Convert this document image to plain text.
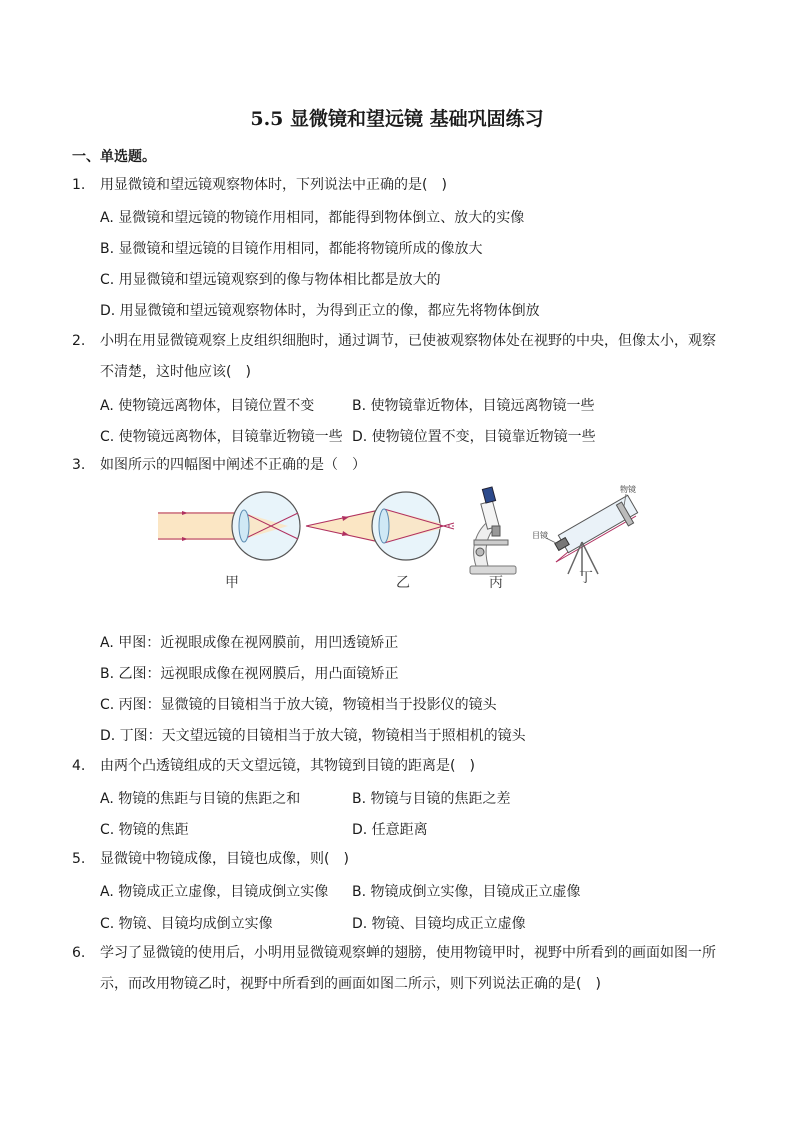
5.5 显微镜和望远镜 基础巩固练习
一、单选题。
1.	用显微镜和望远镜观察物体时，下列说法中正确的是(　)
A. 显微镜和望远镜的物镜作用相同，都能得到物体倒立、放大的实像
B. 显微镜和望远镜的目镜作用相同，都能将物镜所成的像放大
C. 用显微镜和望远镜观察到的像与物体相比都是放大的
D. 用显微镜和望远镜观察物体时，为得到正立的像，都应先将物体倒放
2.	小明在用显微镜观察上皮组织细胞时，通过调节，已使被观察物体处在视野的中央，但像太小，观察不清楚，这时他应该(　)
A. 使物镜远离物体，目镜位置不变	B. 使物镜靠近物体，目镜远离物镜一些
C. 使物镜远离物体，目镜靠近物镜一些 D. 使物镜位置不变，目镜靠近物镜一些
3.	如图所示的四幅图中阐述不正确的是（　）
甲	乙	丙
物镜
目镜
丁
A. 甲图：近视眼成像在视网膜前，用凹透镜矫正
B. 乙图：远视眼成像在视网膜后，用凸面镜矫正
C. 丙图：显微镜的目镜相当于放大镜，物镜相当于投影仪的镜头
D. 丁图：天文望远镜的目镜相当于放大镜，物镜相当于照相机的镜头
4.	由两个凸透镜组成的天文望远镜，其物镜到目镜的距离是(　)
A. 物镜的焦距与目镜的焦距之和	B. 物镜与目镜的焦距之差
C. 物镜的焦距	D. 任意距离
5.	显微镜中物镜成像，目镜也成像，则(　)
A. 物镜成正立虚像，目镜成倒立实像 B. 物镜成倒立实像，目镜成正立虚像
C. 物镜、目镜均成倒立实像	D. 物镜、目镜均成正立虚像
6.	学习了显微镜的使用后，小明用显微镜观察蝉的翅膀，使用物镜甲时，视野中所看到的画面如图一所示，而改用物镜乙时，视野中所看到的画面如图二所示，则下列说法正确的是(　)
